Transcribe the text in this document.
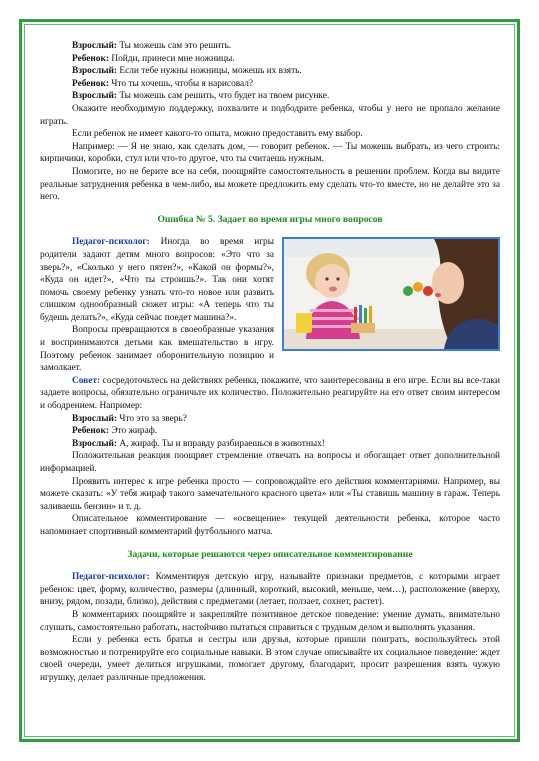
Взрослый: Ты можешь сам это решить.

Ребенок: Пойди, принеси мне ножницы.

Взрослый: Если тебе нужны ножницы, можешь их взять.

Ребенок: Что ты хочешь, чтобы я нарисовал?

Взрослый: Ты можешь сам решить, что будет на твоем рисунке.

Окажите необходимую поддержку, похвалите и подбодрите ребенка, чтобы у него не пропало желание играть.

Если ребенок не имеет какого-то опыта, можно предоставить ему выбор.

Например: — Я не знаю, как сделать дом, — говорит ребенок. — Ты можешь выбрать, из чего строить: кирпичики, коробки, стул или что-то другое, что ты считаешь нужным.

Помогите, но не берите все на себя, поощряйте самостоятельность в решении проблем. Когда вы видите реальные затруднения ребенка в чем-либо, вы можете предложить ему сделать что-то вместе, но не делайте это за него.

Ошибка № 5. Задает во время игры много вопросов

Педагог-психолог: Иногда во время игры родители задают детям много вопросов: «Это что за зверь?», «Сколько у него пятен?», «Какой он формы?», «Куда он идет?», «Что ты строишь?». Так они хотят помочь своему ребенку узнать что-то новое или развить слишком однообразный сюжет игры: «А теперь что ты будешь делать?», «Куда сейчас поедет машина?».

Вопросы превращаются в своеобразные указания и воспринимаются детьми как вмешательство в игру. Поэтому ребенок занимает оборонительную позицию и замолкает.

Совет: сосредоточьтесь на действиях ребенка, покажите, что заинтересованы в его игре. Если вы все-таки задаете вопросы, обязательно ограничьте их количество. Положительно реагируйте на его ответ своим интересом и ободрением. Например:

Взрослый: Что это за зверь?

Ребенок: Это жираф.

Взрослый: А, жираф. Ты и вправду разбираешься в животных!

Положительная реакция поощряет стремление отвечать на вопросы и обогащает ответ дополнительной информацией.

Проявить интерес к игре ребенка просто — сопровождайте его действия комментариями. Например, вы можете сказать: «У тебя жираф такого замечательного красного цвета» или «Ты ставишь машину в гараж. Теперь заливаешь бензин» и т. д.

Описательное комментирование — «освещение» текущей деятельности ребенка, которое часто напоминает спортивный комментарий футбольного матча.

Задачи, которые решаются через описательное комментирование

Педагог-психолог: Комментируя детскую игру, называйте признаки предметов, с которыми играет ребенок: цвет, форму, количество, размеры (длинный, короткий, высокий, меньше, чем…), расположение (вверху, внизу, рядом, позади, близко), действия с предметами (летает, ползает, сохнет, растет).

В комментариях поощряйте и закрепляйте позитивное детское поведение: умение думать, внимательно слушать, самостоятельно работать, настойчиво пытаться справиться с трудным делом и выполнять указания.

Если у ребенка есть братья и сестры или друзья, которые пришли поиграть, воспользуйтесь этой возможностью и потренируйте его социальные навыки. В этом случае описывайте их социальное поведение: ждет своей очереди, умеет делиться игрушками, помогает другому, благодарит, просит разрешения взять чужую игрушку, делает различные предложения.
